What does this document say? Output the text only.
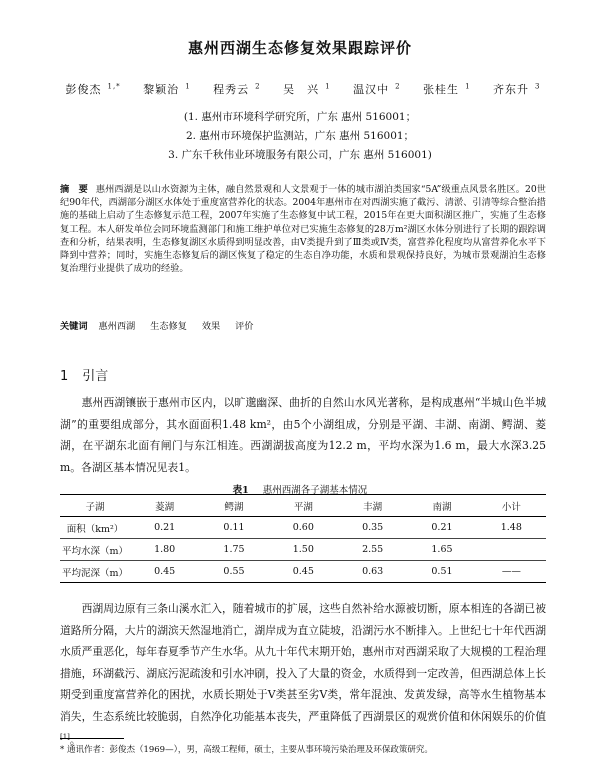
惠州西湖生态修复效果跟踪评价
彭俊杰 $^{1,*}$ 黎颖治 $^1$ 程秀云 $^2$ 吴　兴 $^1$ 温汉中 $^2$ 张桂生 $^1$ 齐东升 $^3$
(1. 惠州市环境科学研究所，广东 惠州 516001；
2. 惠州市环境保护监测站，广东 惠州 516001；
3. 广东千秋伟业环境服务有限公司，广东 惠州 516001)
摘　要 惠州西湖是以山水资源为主体，融自然景观和人文景观于一体的城市湖泊类国家“5A”级重点风景名胜区。20世纪90年代，西湖部分湖区水体处于重度富营养化的状态。2004年惠州市在对西湖实施了截污、清淤、引清等综合整治措施的基础上启动了生态修复示范工程，2007年实施了生态修复中试工程，2015年在更大面积湖区推广，实施了生态修复工程。本人研发单位会同环境监测部门和施工维护单位对已实施生态修复的28万m²湖区水体分别进行了长期的跟踪调查和分析，结果表明，生态修复湖区水质得到明显改善，由Ⅴ类提升到了Ⅲ类或Ⅳ类，富营养化程度均从富营养化水平下降到中营养；同时，实施生态修复后的湖区恢复了稳定的生态自净功能，水质和景观保持良好，为城市景观湖泊生态修复治理行业提供了成功的经验。
关键词 惠州西湖 生态修复 效果 评价
1 引言
惠州西湖镶嵌于惠州市区内，以旷邈幽深、曲折的自然山水风光著称，是构成惠州“半城山色半城湖”的重要组成部分，其水面面积1.48 km²，由5个小湖组成，分别是平湖、丰湖、南湖、鳄湖、菱湖，在平湖东北面有闸门与东江相连。西湖湖拔高度为12.2 m，平均水深为1.6 m，最大水深3.25 m。各湖区基本情况见表1。
表1 惠州西湖各子湖基本情况
子湖	菱湖	鳄湖	平湖	丰湖	南湖	小计
面积（km²）	0.21	0.11	0.60	0.35	0.21	1.48
平均水深（m）	1.80	1.75	1.50	2.55	1.65	
平均泥深（m）	0.45	0.55	0.45	0.63	0.51	——
西湖周边原有三条山溪水汇入，随着城市的扩展，这些自然补给水源被切断，原本相连的各湖已被道路所分隔，大片的湖滨天然湿地消亡，湖岸成为直立陡坡，沿湖污水不断排入。上世纪七十年代西湖水质严重恶化，每年春夏季节产生水华。从九十年代末期开始，惠州市对西湖采取了大规模的工程治理措施，环湖截污、湖底污泥疏浚和引水冲刷，投入了大量的资金，水质得到一定改善，但西湖总体上长期受到重度富营养化的困扰，水质长期处于Ⅴ类甚至劣Ⅴ类，常年混浊、发黄发绿，高等水生植物基本消失，生态系统比较脆弱，自然净化功能基本丧失，严重降低了西湖景区的观赏价值和休闲娱乐的价值[1]。
* 通讯作者：彭俊杰（1969—），男，高级工程师，硕士，主要从事环境污染治理及环保政策研究。
